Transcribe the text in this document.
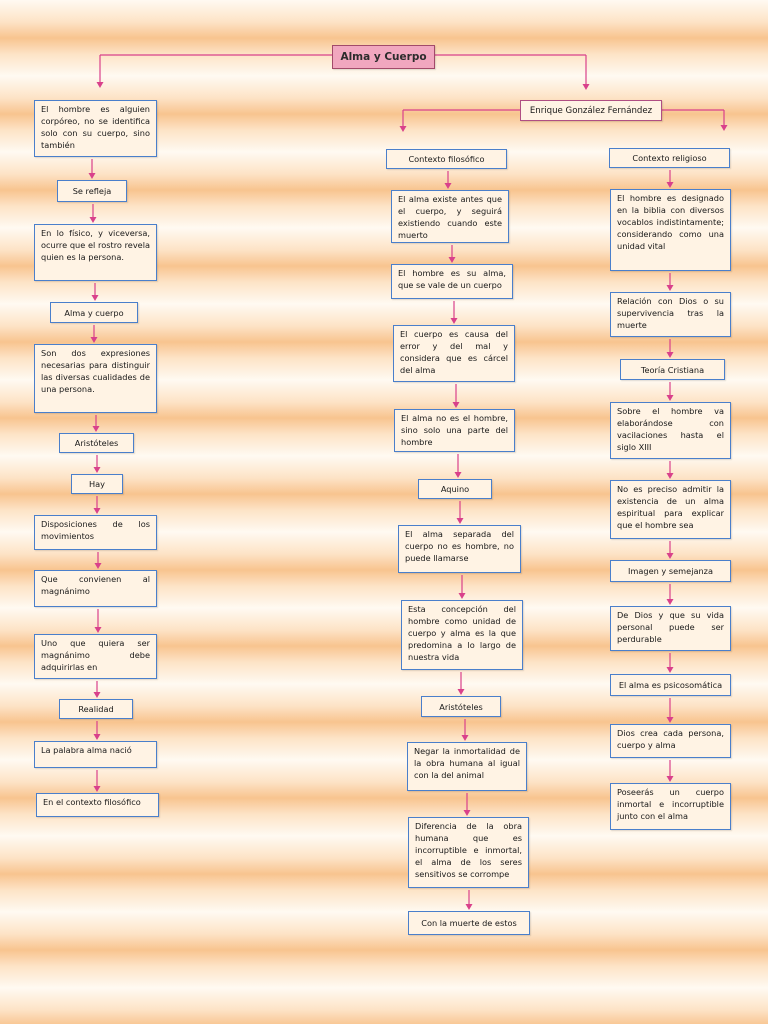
Alma y Cuerpo
Enrique González Fernández
El hombre es alguien corpóreo, no se identifica solo con su cuerpo, sino también
Se refleja
En lo físico, y viceversa, ocurre que el rostro revela quien es la persona.
Alma y cuerpo
Son dos expresiones necesarias para distinguir las diversas cualidades de una persona.
Aristóteles
Hay
Disposiciones de los movimientos
Que convienen al magnánimo
Uno que quiera ser magnánimo debe adquirirlas en
Realidad
La palabra alma nació
En el contexto filosófico
Contexto filosófico
El alma existe antes que el cuerpo, y seguirá existiendo cuando este muerto
El hombre es su alma, que se vale de un cuerpo
El cuerpo es causa del error y del mal y considera que es cárcel del alma
El alma no es el hombre, sino solo una parte del hombre
Aquino
El alma separada del cuerpo no es hombre, no puede llamarse
Esta concepción del hombre como unidad de cuerpo y alma es la que predomina a lo largo de nuestra vida
Aristóteles
Negar la inmortalidad de la obra humana al igual con la del animal
Diferencia de la obra humana que es incorruptible e inmortal, el alma de los seres sensitivos se corrompe
Con la muerte de estos
Contexto religioso
El hombre es designado en la biblia con diversos vocablos indistintamente; considerando como una unidad vital
Relación con Dios o su supervivencia tras la muerte
Teoría Cristiana
Sobre el hombre va elaborándose con vacilaciones hasta el siglo XIII
No es preciso admitir la existencia de un alma espiritual para explicar que el hombre sea
Imagen y semejanza
De Dios y que su vida personal puede ser perdurable
El alma es psicosomática
Dios crea cada persona, cuerpo y alma
Poseerás un cuerpo inmortal e incorruptible junto con el alma
